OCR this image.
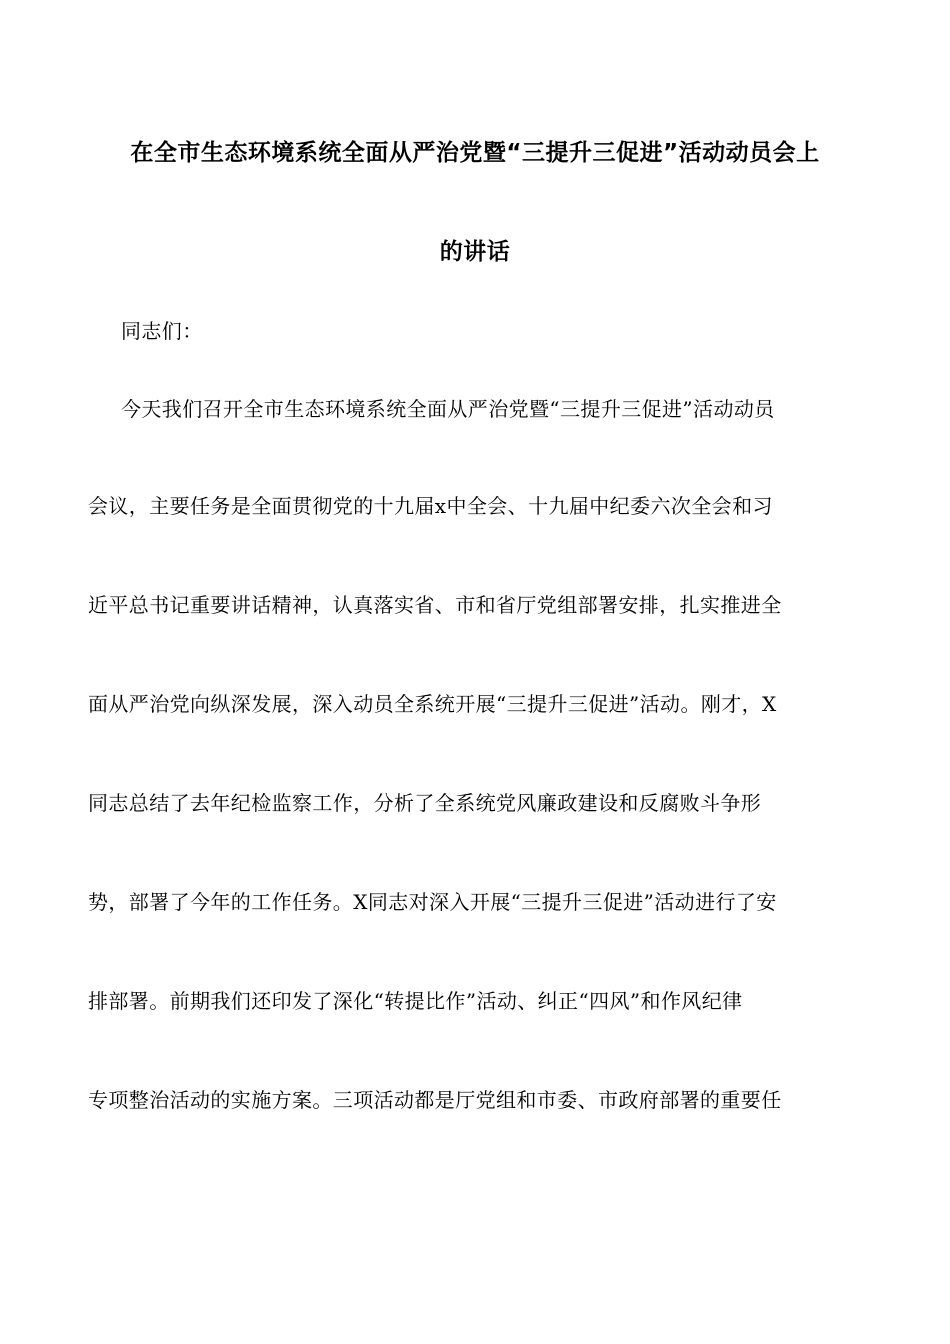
在全市生态环境系统全面从严治党暨“三提升三促进”活动动员会上
的讲话
同志们：
今天我们召开全市生态环境系统全面从严治党暨“三提升三促进”活动动员
会议，主要任务是全面贯彻党的十九届x中全会、十九届中纪委六次全会和习
近平总书记重要讲话精神，认真落实省、市和省厅党组部署安排，扎实推进全
面从严治党向纵深发展，深入动员全系统开展“三提升三促进”活动。刚才，X
同志总结了去年纪检监察工作，分析了全系统党风廉政建设和反腐败斗争形
势，部署了今年的工作任务。X同志对深入开展“三提升三促进”活动进行了安
排部署。前期我们还印发了深化“转提比作”活动、纠正“四风”和作风纪律
专项整治活动的实施方案。三项活动都是厅党组和市委、市政府部署的重要任
